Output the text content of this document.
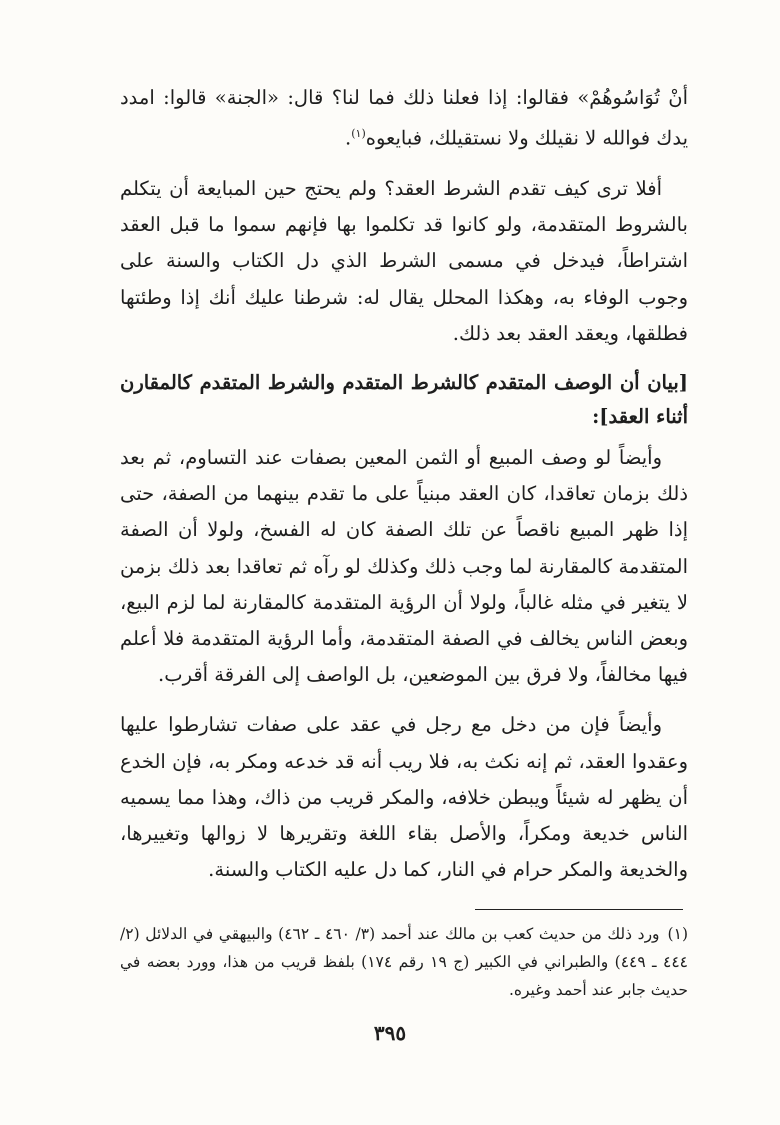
أنْ تُوَاسُوهُمْ» فقالوا: إذا فعلنا ذلك فما لنا؟ قال: «الجنة» قالوا: امدد يدك فوالله لا نقيلك ولا نستقيلك، فبايعوه$^{(١)}$.

أفلا ترى كيف تقدم الشرط العقد؟ ولم يحتج حين المبايعة أن يتكلم بالشروط المتقدمة، ولو كانوا قد تكلموا بها فإنهم سموا ما قبل العقد اشتراطاً، فيدخل في مسمى الشرط الذي دل الكتاب والسنة على وجوب الوفاء به، وهكذا المحلل يقال له: شرطنا عليك أنك إذا وطئتها فطلقها، ويعقد العقد بعد ذلك.

[بيان أن الوصف المتقدم كالشرط المتقدم والشرط المتقدم كالمقارن أثناء العقد]:

وأيضاً لو وصف المبيع أو الثمن المعين بصفات عند التساوم، ثم بعد ذلك بزمان تعاقدا، كان العقد مبنياً على ما تقدم بينهما من الصفة، حتى إذا ظهر المبيع ناقصاً عن تلك الصفة كان له الفسخ، ولولا أن الصفة المتقدمة كالمقارنة لما وجب ذلك وكذلك لو رآه ثم تعاقدا بعد ذلك بزمن لا يتغير في مثله غالباً، ولولا أن الرؤية المتقدمة كالمقارنة لما لزم البيع، وبعض الناس يخالف في الصفة المتقدمة، وأما الرؤية المتقدمة فلا أعلم فيها مخالفاً، ولا فرق بين الموضعين، بل الواصف إلى الفرقة أقرب.

وأيضاً فإن من دخل مع رجل في عقد على صفات تشارطوا عليها وعقدوا العقد، ثم إنه نكث به، فلا ريب أنه قد خدعه ومكر به، فإن الخدع أن يظهر له شيئاً ويبطن خلافه، والمكر قريب من ذاك، وهذا مما يسميه الناس خديعة ومكراً، والأصل بقاء اللغة وتقريرها لا زوالها وتغييرها، والخديعة والمكر حرام في النار، كما دل عليه الكتاب والسنة.

(١)ورد ذلك من حديث كعب بن مالك عند أحمد (٣/ ٤٦٠ ـ ٤٦٢) والبيهقي في الدلائل (٢/ ٤٤٤ ـ ٤٤٩) والطبراني في الكبير (ج ١٩ رقم ١٧٤) بلفظ قريب من هذا، وورد بعضه في حديث جابر عند أحمد وغيره.
٣٩٥
